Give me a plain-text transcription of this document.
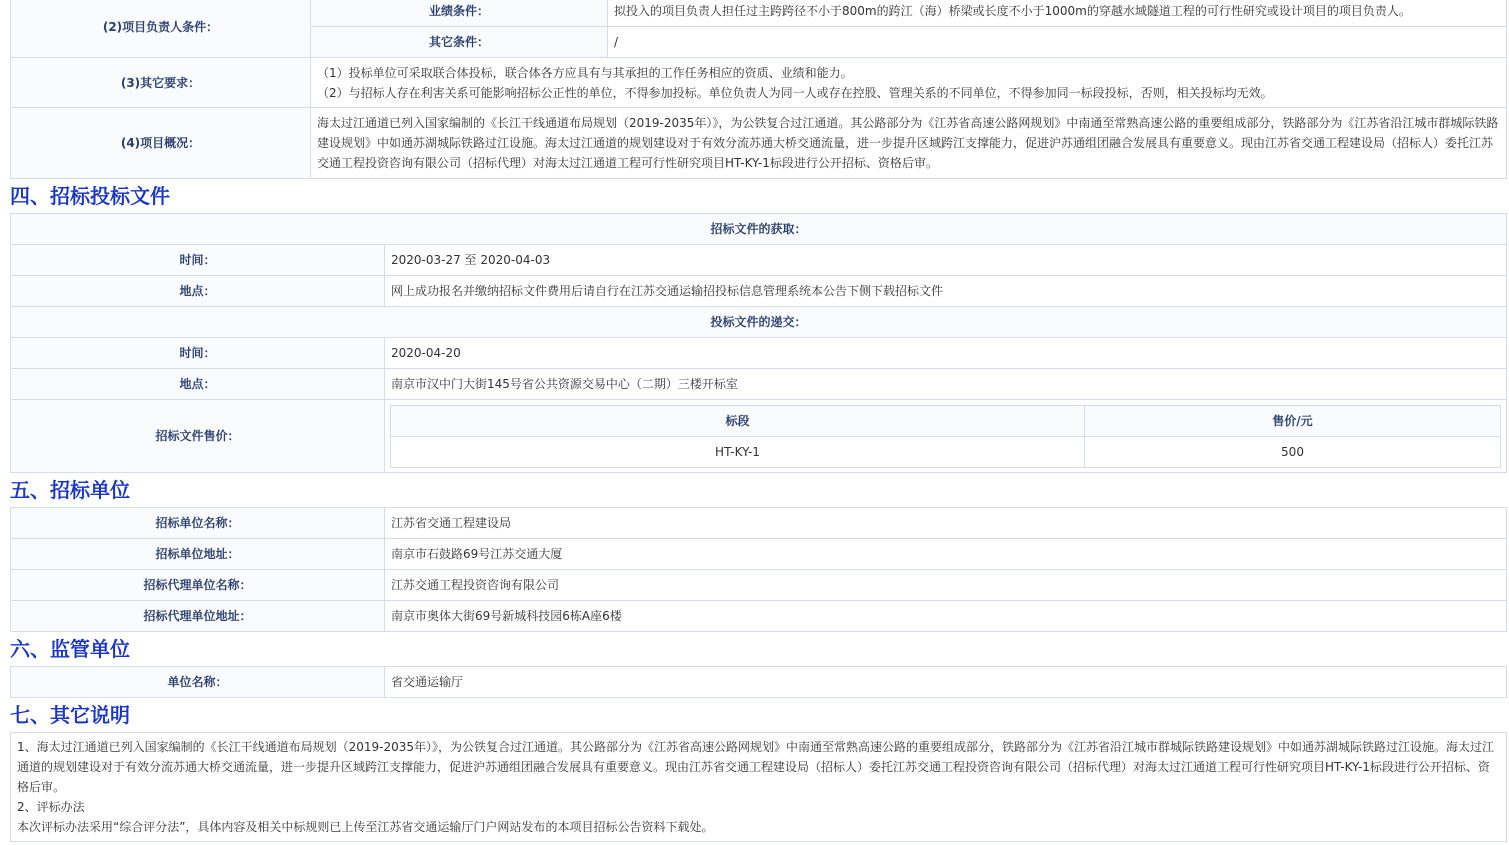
(2)项目负责人条件：	业绩条件：	拟投入的项目负责人担任过主跨跨径不小于800m的跨江（海）桥梁或长度不小于1000m的穿越水域隧道工程的可行性研究或设计项目的项目负责人。
	其它条件：	/
(3)其它要求：	（1）投标单位可采取联合体投标，联合体各方应具有与其承担的工作任务相应的资质、业绩和能力。
（2）与招标人存在利害关系可能影响招标公正性的单位，不得参加投标。单位负责人为同一人或存在控股、管理关系的不同单位，不得参加同一标段投标，否则，相关投标均无效。	

(4)项目概况：	海太过江通道已列入国家编制的《长江干线通道布局规划（2019-2035年）》，为公铁复合过江通道。其公路部分为《江苏省高速公路网规划》中南通至常熟高速公路的重要组成部分，铁路部分为《江苏省沿江城市群城际铁路建设规划》中如通苏湖城际铁路过江设施。海太过江通道的规划建设对于有效分流苏通大桥交通流量，进一步提升区域跨江支撑能力，促进沪苏通组团融合发展具有重要意义。现由江苏省交通工程建设局（招标人）委托江苏交通工程投资咨询有限公司（招标代理）对海太过江通道工程可行性研究项目HT-KY-1标段进行公开招标、资格后审。	
四、招标投标文件
招标文件的获取：
时间：	2020-03-27 至 2020-04-03
地点：	网上成功报名并缴纳招标文件费用后请自行在江苏交通运输招投标信息管理系统本公告下侧下载招标文件
投标文件的递交：
时间：	2020-04-20
地点：	南京市汉中门大街145号省公共资源交易中心（二期）三楼开标室
招标文件售价：	
标段	售价/元
HT-KY-1	500
五、招标单位
招标单位名称：	江苏省交通工程建设局
招标单位地址：	南京市石鼓路69号江苏交通大厦
招标代理单位名称：	江苏交通工程投资咨询有限公司
招标代理单位地址：	南京市奥体大街69号新城科技园6栋A座6楼
六、监管单位
单位名称：	省交通运输厅
七、其它说明

1、海太过江通道已列入国家编制的《长江干线通道布局规划（2019-2035年）》，为公铁复合过江通道。其公路部分为《江苏省高速公路网规划》中南通至常熟高速公路的重要组成部分，铁路部分为《江苏省沿江城市群城际铁路建设规划》中如通苏湖城际铁路过江设施。海太过江通道的规划建设对于有效分流苏通大桥交通流量，进一步提升区域跨江支撑能力，促进沪苏通组团融合发展具有重要意义。现由江苏省交通工程建设局（招标人）委托江苏交通工程投资咨询有限公司（招标代理）对海太过江通道工程可行性研究项目HT-KY-1标段进行公开招标、资格后审。

2、评标办法

本次评标办法采用“综合评分法”，具体内容及相关中标规则已上传至江苏省交通运输厅门户网站发布的本项目招标公告资料下载处。
